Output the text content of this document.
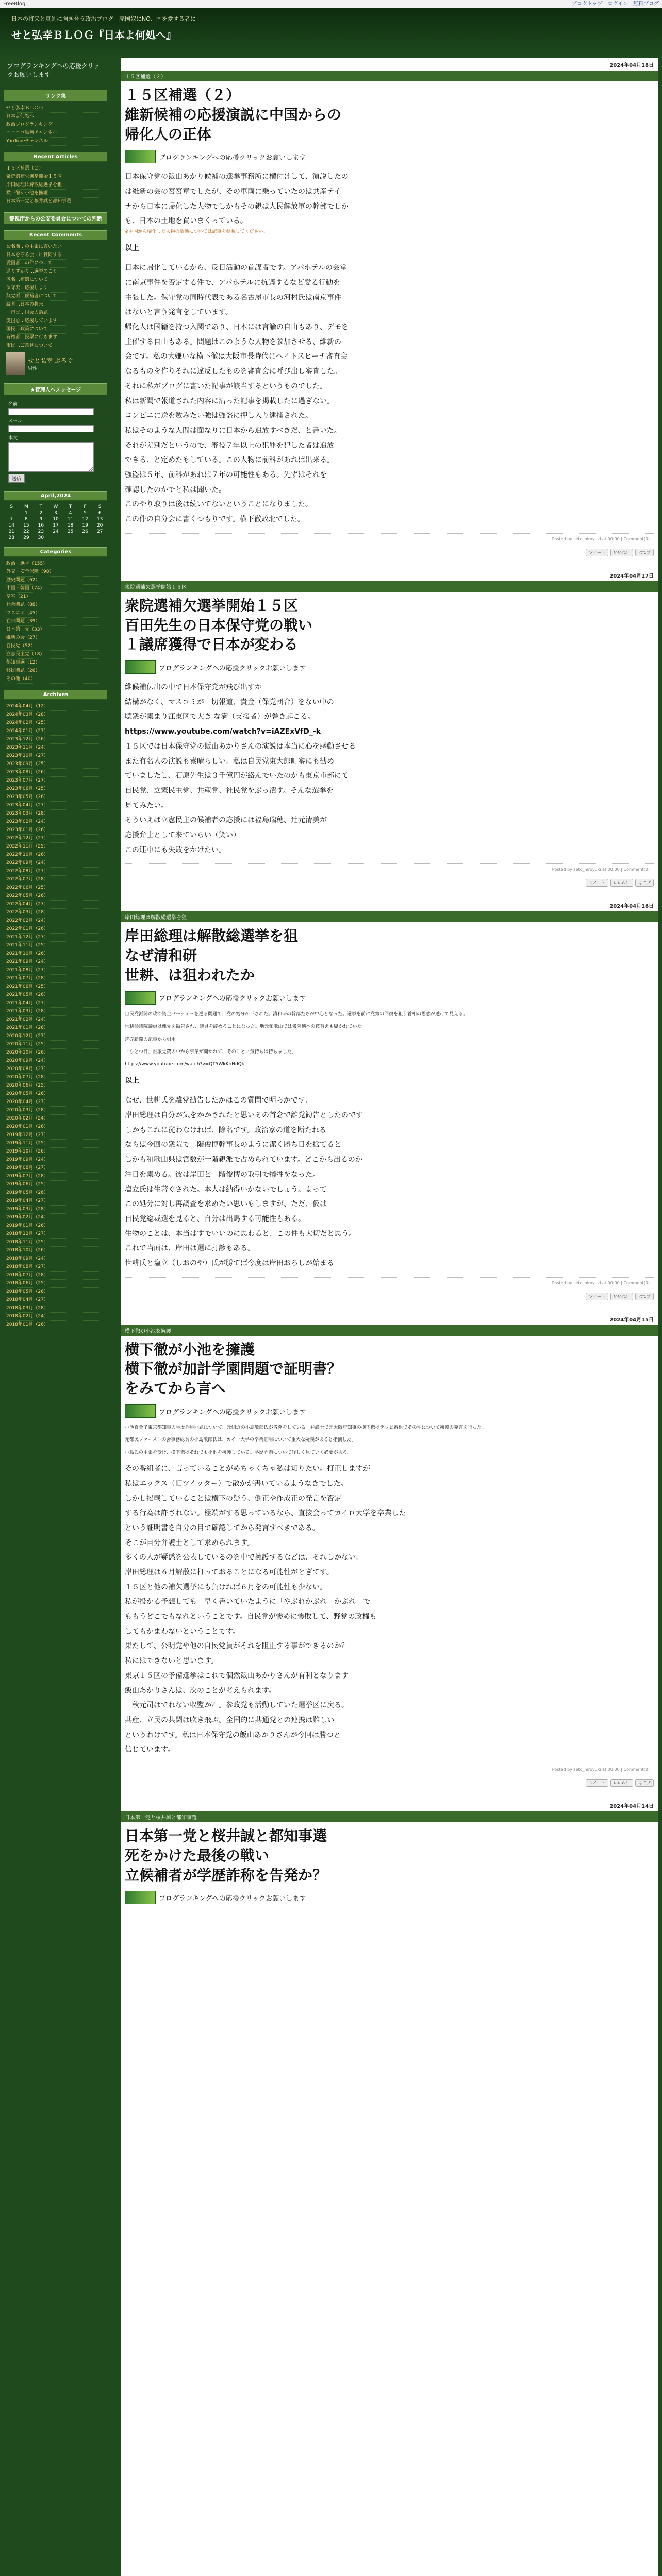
FreeBlog	ブログトップ ログイン 無料ブログ
日本の将来と真剣に向き合う政治ブログ　売国奴にNO、国を愛する者に
せと弘幸ＢＬＯＧ『日本よ何処へ』
ブログランキングへの応援クリックお願いします
リンク集
せと弘幸ＢＬＯＧ
日本よ何処へ
政治ブログランキング
ニコニコ動画チャンネル
YouTubeチャンネル
Recent Articles
１５区補選（２）
衆院選補欠選挙開始１５区
岸田総理は解散総選挙を狙
横下徹が小池を擁護
日本第一党と桜井誠と都知事選
警視庁からの公安委員会についての判断
Recent Comments
お名前…の主張に言いたい
日本を守る会…に賛同する
愛国者…の件について
通りすがり…選挙のこと
匿名…補選について
保守派…応援します
無党派…候補者について
読者…日本の将来
一市民…国会の話題
愛国心…応援しています
国民…政策について
有権者…投票に行きます
市民…ご意見について
せと弘幸 ぶろぐ
男性
★管理人へメッセージ
名前
メール
本文
送信
April,2024
S	M	T	W	T	F	S
	1	2	3	4	5	6
7	8	9	10	11	12	13
14	15	16	17	18	19	20
21	22	23	24	25	26	27
28	29	30				
Categories
政治・選挙（155）
外交・安全保障（98）
歴史問題（62）
中国・韓国（74）
皇室（21）
社会問題（88）
マスコミ（45）
在日問題（39）
日本第一党（33）
維新の会（27）
自民党（52）
立憲民主党（18）
都知事選（12）
移民問題（26）
その他（40）
Archives
2024年04月（12）
2024年03月（28）
2024年02月（25）
2024年01月（27）
2023年12月（26）
2023年11月（24）
2023年10月（27）
2023年09月（25）
2023年08月（26）
2023年07月（27）
2023年06月（25）
2023年05月（26）
2023年04月（27）
2023年03月（28）
2023年02月（24）
2023年01月（26）
2022年12月（27）
2022年11月（25）
2022年10月（26）
2022年09月（24）
2022年08月（27）
2022年07月（28）
2022年06月（25）
2022年05月（26）
2022年04月（27）
2022年03月（28）
2022年02月（24）
2022年01月（26）
2021年12月（27）
2021年11月（25）
2021年10月（26）
2021年09月（24）
2021年08月（27）
2021年07月（28）
2021年06月（25）
2021年05月（26）
2021年04月（27）
2021年03月（28）
2021年02月（24）
2021年01月（26）
2020年12月（27）
2020年11月（25）
2020年10月（26）
2020年09月（24）
2020年08月（27）
2020年07月（28）
2020年06月（25）
2020年05月（26）
2020年04月（27）
2020年03月（28）
2020年02月（24）
2020年01月（26）
2019年12月（27）
2019年11月（25）
2019年10月（26）
2019年09月（24）
2019年08月（27）
2019年07月（28）
2019年06月（25）
2019年05月（26）
2019年04月（27）
2019年03月（28）
2019年02月（24）
2019年01月（26）
2018年12月（27）
2018年11月（25）
2018年10月（26）
2018年09月（24）
2018年08月（27）
2018年07月（28）
2018年06月（25）
2018年05月（26）
2018年04月（27）
2018年03月（28）
2018年02月（24）
2018年01月（26）
2024年04月18日
１５区補選（２）
１５区補選（２）
維新候補の応援演説に中国からの
帰化人の正体
ブログランキングへの応援クリックお願いします
日本保守党の飯山あかり候補の選挙事務所に横付けして、演説したの
は維新の会の宮宮章でしたが、その車両に乗っていたのは共産テイ
ナから日本に帰化した人物でしかもその親は人民解放軍の幹部でしか
も、日本の土地を買いまくっている。
※中国から帰化した人物の活動については記事を参照してください。
以上
日本に帰化しているから、反日活動の首謀者です。アパホテルの会堂
に南京事件を否定する件で、アパホテルに抗議するなど愛る行動を
主張した。保守党の同時代表である名古屋市長の河村氏は南京事件
はないと言う発言をしています。
帰化人は国籍を持つ入関であり、日本には言論の自由もあり、デモを
主催する自由もある。問題はこのような人物を参加させる、維新の
会です。私の大嫌いな横下徹は大阪市長時代にヘイトスピーチ審査会
なるものを作りそれに違反したものを審査会に呼び出し審査した。
それに私がブログに書いた記事が該当するというものでした。
私は新聞で報道された内容に沿った記事を掲載したに過ぎない。
コンビニに送を数みたい強は強盗に押し入り逮捕された。
私はそのような人間は面なりに日本から追放すべきだ、と書いた。
それが差別だというので、審役７年以上の犯罪を犯した者は追放
できる、と定めたもしている。この人物に前科があれば出来る。
強盗は５年、前科があれば７年の可能性もある。先ずはそれを
確認したのかでと私は聞いた。
このやり取りは後は続いてないということになりました。
この件の自分会に書くつもりです。横下徹敗北でした。
Posted by seto_hiroyuki at 00:00 | Comment(0)
ツイート いいね！ はてブ
2024年04月17日
衆院選補欠選挙開始１５区
衆院選補欠選挙開始１５区
百田先生の日本保守党の戦い
１議席獲得で日本が変わる
ブログランキングへの応援クリックお願いします
維候補伝出の中で日本保守党が飛び出すか
結構がなく、マスコミが一切報道、貴金（保党団合）をない中の
聴衆が集まり江東区で大き な満（支援者）が巻き起こる。
https://www.youtube.com/watch?v=iAZExVfD_-k
１５区では日本保守党の飯山あかりさんの演説は本当に心を感動させる
また有名人の演説も素晴らしい。私は自民党東大郎町審にも勧め
ていましたし、石原先生は３千億円が絡んでいたのかも東京市部にて
自民党、立憲民主党、共産党、社民党をぶっ潰す。そんな選挙を
見てみたい。
そういえば立憲民主の候補者の応援には福島瑞穂、辻元清美が
応援弁士として来ていらい（笑い）
この連中にも失敗をかけたい。
Posted by seto_hiroyuki at 00:00 | Comment(0)
ツイート いいね！ はてブ
2024年04月16日
岸田総理は解散総選挙を狙
岸田総理は解散総選挙を狙
なぜ清和研
世耕、は狙われたか
ブログランキングへの応援クリックお願いします
自民党派閥の政治資金パーティーを巡る問題で、党の処分が下された。清和研の幹部たちが中心となった。選挙を前に党勢の回復を狙う首相の思惑が透けて見える。
世耕参議院議員は離党を勧告され、議員を辞めることになった。地元和歌山では衆院選への鞍替えも囁かれていた。
読売新聞の記事から引用。
「ひとつ目、誰派党費の中から事業が開かれて、そのことに気持ちは持ちました」
https://www.youtube.com/watch?v=QT5WkKnNdQk
以上
なぜ、世耕氏を離党勧告したかはこの質問で明らかです。
岸田総理は自分が気をかかされたと思いその首念で離党勧告としたのです
しかもこれに従わなければ、除名です。政治家の道を断たれる
ならば今回の衆院で二階俊博幹事長のように潔く勝ち目を捨てると
しかも和歌山県は宮数が一階親派で占められています。どこから出るのか
注目を集める。彼は岸田と二階俊博の取引で犠牲をなった。
塩立氏は生著ぐされた。本人は納得いかないでしょう。よって
この処分に対し再調査を求めたい思いもしますが、ただ、仮は
自民党総裁選を見ると、自分は出馬する可能性もある。
生物のことは、本当はすでいいのに思わると、この件も大切だと思う。
これで当面は、岸田は選に打診もある。
世耕氏と塩立（しおのや）氏が勝てば今度は岸田おろしが始まる
Posted by seto_hiroyuki at 00:00 | Comment(0)
ツイート いいね！ はてブ
2024年04月15日
横下徹が小池を擁護
横下徹が小池を擁護
横下徹が加計学園問題で証明書？
をみてから言へ
ブログランキングへの応援クリックお願いします
小池百合子東京都知事の学歴詐称問題について、元側近の小島敏郎氏が告発をしている。弁護士で元大阪府知事の横下徹はテレビ番組でその件について擁護の発言を行った。
元都民ファーストの会事務総長の小島敏郎氏は、カイロ大学の卒業証明について重大な疑義があると指摘した。
小島氏の主張を受け、横下徹はそれでも小池を擁護している。学歴問題について詳しく見ていく必要がある。
その番組者に、言っていることがめちゃくちゃ私は知りたい。打正しますが
私はエックス（旧ツイッター）で散かが書いているようなきでした。
しかし掲載していることは横下の疑う、倒正や作成正の発言を否定
する行為は許されない。極端がする思っているなら、直接会ってカイロ大学を卒業した
という証明書を自分の目で確認してから発言すべきである。
そこが自分弁護士として求められます。
多くの人が疑惑を公表しているのを中で擁護するなどは、それしかない。
岸田総理は６月解散に打っておることになる可能性がとぎてす。
１５区と他の補欠選挙にも負ければ６月をの可能性も少ない。
私が投かる予想しても「早く書いていたように「やぶれかぶれ」かぶれ」で
ももうどこでもなれということです。自民党が惨めに惨敗して、野党の政権も
してもかまわないということです。
果たして、公明党や他の自民党員がそれを阻止する事ができるのか？
私にはできないと思います。
東京１５区の予備選挙はこれで個然飯山あかりさんが有利となります
飯山あかりさんは、次のことが考えられます。
　秋元司はでれない収監か？。参政党も活動していた選挙区に戻る。
共産、立民の共闘は吹き飛ぶ。全国的に共通党との連携は難しい
というわけです。私は日本保守党の飯山あかりさんが今回は勝つと
信じています。
Posted by seto_hiroyuki at 00:00 | Comment(0)
ツイート いいね！ はてブ
2024年04月14日
日本第一党と桜井誠と都知事選
日本第一党と桜井誠と都知事選
死をかけた最後の戦い
立候補者が学歴詐称を告発か？
ブログランキングへの応援クリックお願いします
